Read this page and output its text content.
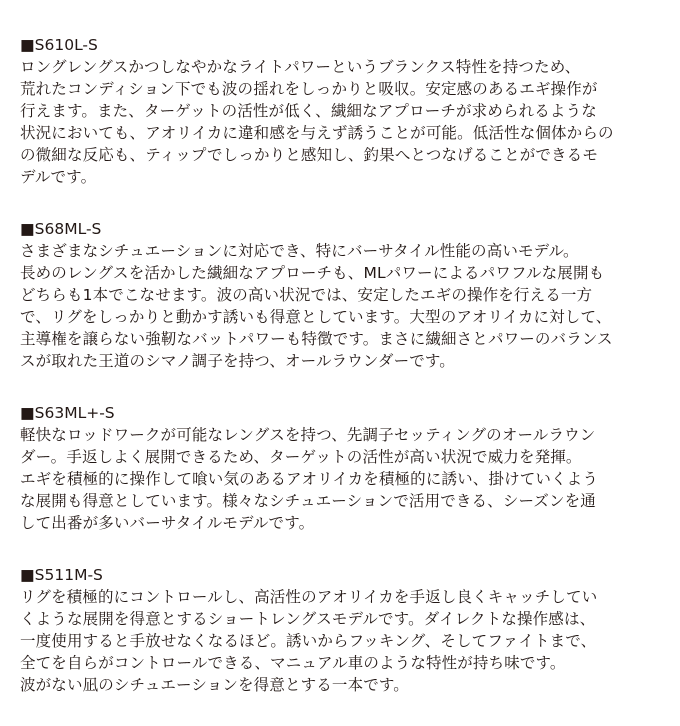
■S610L-S
ロングレングスかつしなやかなライトパワーというブランクス特性を持つため、
荒れたコンディション下でも波の揺れをしっかりと吸収。安定感のあるエギ操作が
行えます。また、ターゲットの活性が低く、繊細なアプローチが求められるような
状況においても、アオリイカに違和感を与えず誘うことが可能。低活性な個体からの
の微細な反応も、ティップでしっかりと感知し、釣果へとつなげることができるモ
デルです。
■S68ML-S
さまざまなシチュエーションに対応でき、特にバーサタイル性能の高いモデル。
長めのレングスを活かした繊細なアプローチも、MLパワーによるパワフルな展開も
どちらも1本でこなせます。波の高い状況では、安定したエギの操作を行える一方
で、リグをしっかりと動かす誘いも得意としています。大型のアオリイカに対して、
主導権を譲らない強靭なバットパワーも特徴です。まさに繊細さとパワーのバランス
スが取れた王道のシマノ調子を持つ、オールラウンダーです。
■S63ML+-S
軽快なロッドワークが可能なレングスを持つ、先調子セッティングのオールラウン
ダー。手返しよく展開できるため、ターゲットの活性が高い状況で威力を発揮。
エギを積極的に操作して喰い気のあるアオリイカを積極的に誘い、掛けていくよう
な展開も得意としています。様々なシチュエーションで活用できる、シーズンを通
して出番が多いバーサタイルモデルです。
■S511M-S
リグを積極的にコントロールし、高活性のアオリイカを手返し良くキャッチしてい
くような展開を得意とするショートレングスモデルです。ダイレクトな操作感は、
一度使用すると手放せなくなるほど。誘いからフッキング、そしてファイトまで、
全てを自らがコントロールできる、マニュアル車のような特性が持ち味です。
波がない凪のシチュエーションを得意とする一本です。
